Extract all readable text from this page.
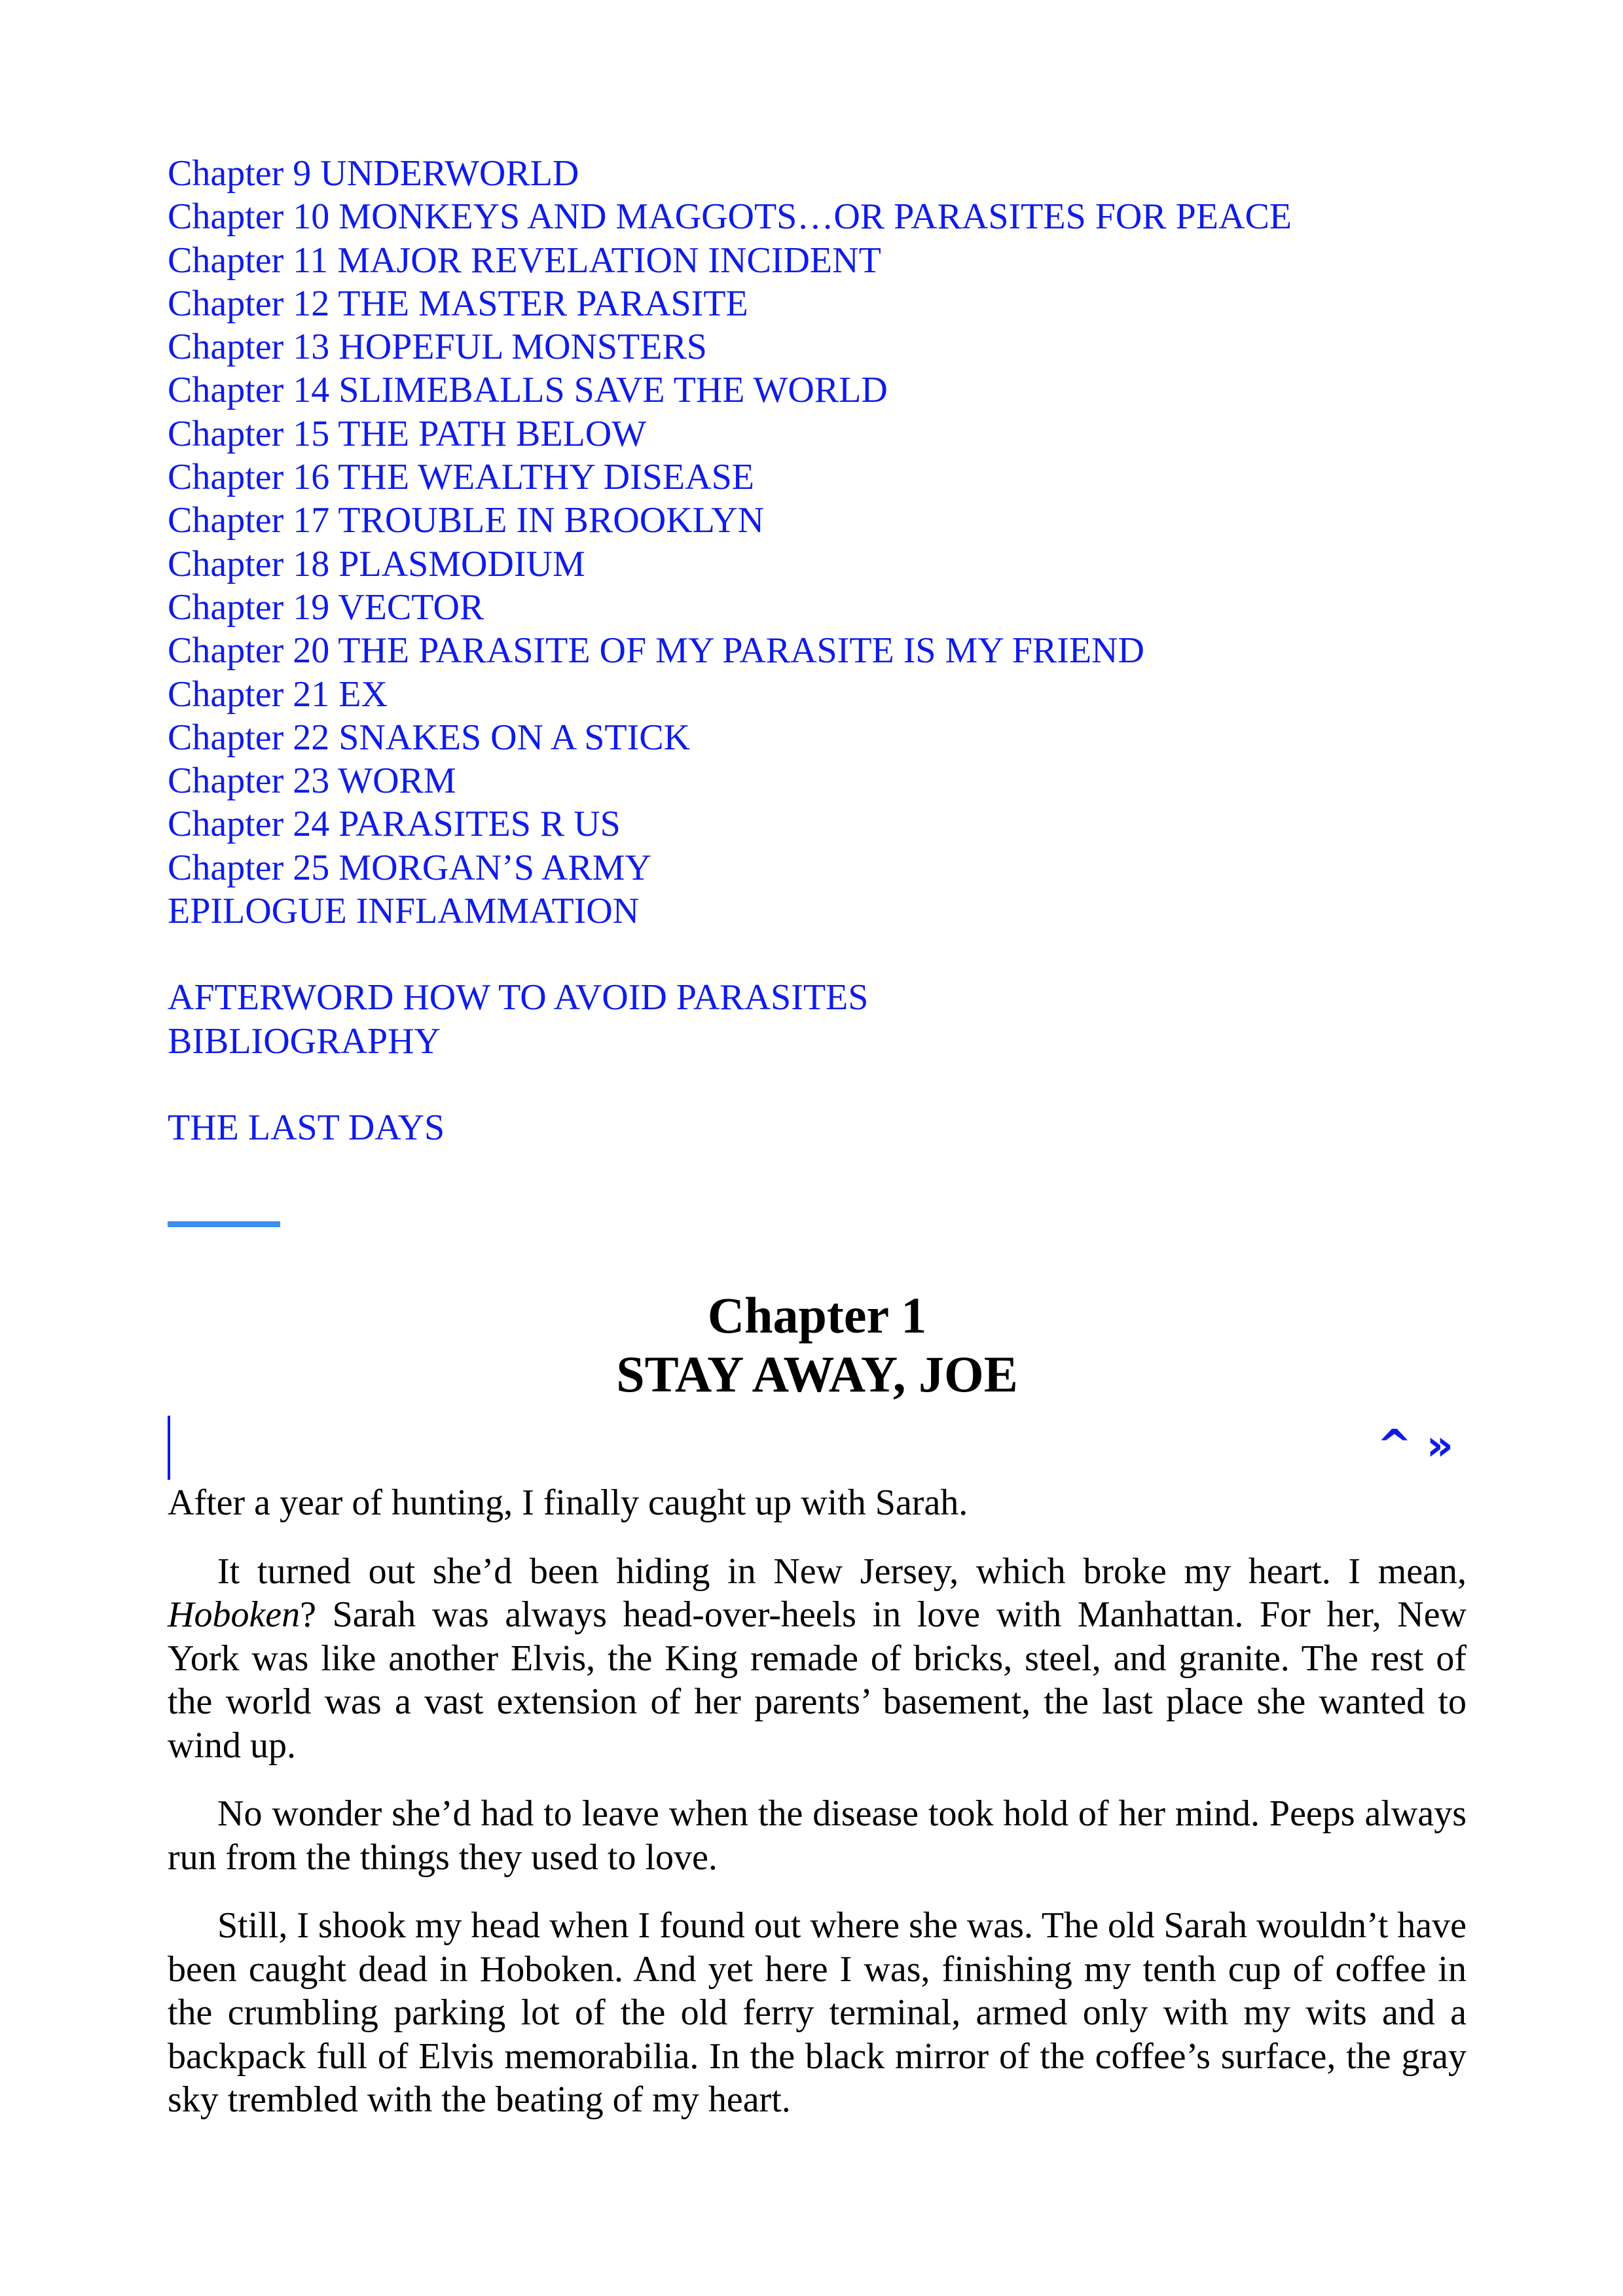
Chapter 9 UNDERWORLD
Chapter 10 MONKEYS AND MAGGOTS…OR PARASITES FOR PEACE
Chapter 11 MAJOR REVELATION INCIDENT
Chapter 12 THE MASTER PARASITE
Chapter 13 HOPEFUL MONSTERS
Chapter 14 SLIMEBALLS SAVE THE WORLD
Chapter 15 THE PATH BELOW
Chapter 16 THE WEALTHY DISEASE
Chapter 17 TROUBLE IN BROOKLYN
Chapter 18 PLASMODIUM
Chapter 19 VECTOR
Chapter 20 THE PARASITE OF MY PARASITE IS MY FRIEND
Chapter 21 EX
Chapter 22 SNAKES ON A STICK
Chapter 23 WORM
Chapter 24 PARASITES R US
Chapter 25 MORGAN’S ARMY
EPILOGUE INFLAMMATION
AFTERWORD HOW TO AVOID PARASITES
BIBLIOGRAPHY
THE LAST DAYS
Chapter 1
STAY AWAY, JOE
^ »

After a year of hunting, I finally caught up with Sarah.

It turned out she’d been hiding in New Jersey, which broke my heart. I mean, Hoboken? Sarah was always head-over-heels in love with Manhattan. For her, New York was like another Elvis, the King remade of bricks, steel, and granite. The rest of the world was a vast extension of her parents’ basement, the last place she wanted to wind up.

No wonder she’d had to leave when the disease took hold of her mind. Peeps always run from the things they used to love.

Still, I shook my head when I found out where she was. The old Sarah wouldn’t have been caught dead in Hoboken. And yet here I was, finishing my tenth cup of coffee in the crumbling parking lot of the old ferry terminal, armed only with my wits and a backpack full of Elvis memorabilia. In the black mirror of the coffee’s surface, the gray sky trembled with the beating of my heart.
